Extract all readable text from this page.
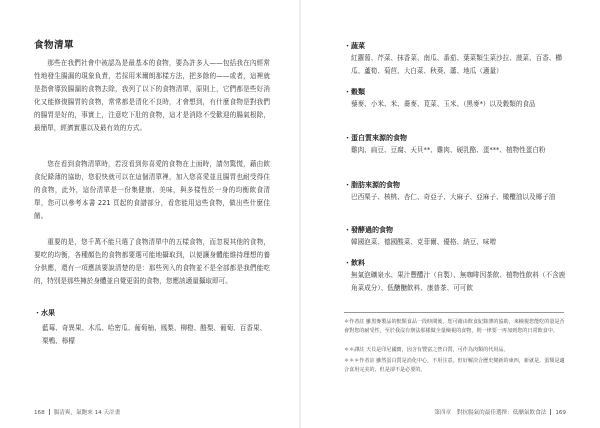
食物清單

那些在我們社會中被認為是最基本的食物，要為許多人——包括我在內經常性地發生腸漏的現象負責，若採用米爾朗那樣方法，把多餘的——或者，這裡就是指會導致腸漏的食物去除，我列了以下的食物清單，原則上，它們都是些好消化又能修復腸胃的食物，常常都是清化不良時，才會想到，有什麼食物是對我們的腸胃是好的，事實上，注意吃下肚的食物，這才是消除不受歡迎的腸氣根除，最簡單，經濟實惠以及最有效的方式。

您在看到食物清單時，若沒看到你喜愛的食物在上面時，請勿驚慌，藉由飲食紀錄薄的協助，您很快就可以在這個清單裡，加入您喜愛並且腸胃也耐受得住的食物，此外，這份清單是一份集健康、美味，與多樣性於一身的均衡飲食清單，您可以參考本書 221 頁起的食譜部分，看您能用這些食物，做出些什麼佳餚。

重要的是，您千萬不能只選了食物清單中的五樣食物，而忽視其他的食物，要吃的均衡，各種顏色的食物都要選可能地攝取到，以便讓身體能維持理想的養分供應，還有一項應該要說清楚的是：那些列入的食物並不是全部都是我們能吃的，特別是那些擁於身體並自覺更弱的食物，您應該適量攝取即可。

・水果

藍莓、奇異果、木瓜、哈密瓜、葡萄柚、鳳梨、柳橙、酪梨、葡萄、百香果、栗鴨、檸檬

168 腸清爽，氣飽來 14 天計畫
・蔬菜

紅蘿蔔、芹菜、抹香菜、南瓜、番茄、葉菜類生菜沙拉、菠菜、百香、櫛瓜、蘆筍、菊苣、大白菜、秋葵、蕭、地瓜（適量）

・穀類

藜麥、小米、米、蕎麥、莧菜、玉米、（黑麥*）以及穀類的食品

・蛋白質來源的食物

雞肉、扁豆、豆腐、天貝**、雞肉、硬乳酪、蛋***、植物性蛋白粉

・脂肪來源的食物

巴西栗子、核桃、杏仁、奇亞子、大麻子、亞麻子、橄欖油以及椰子油

・發酵過的食物

韓國泡菜、德國酸菜、克菲爾、優格、納豆、味噌

・飲料

無氣泡礦泉水、果汁豐醴汁（自製）、無咖啡因茶飲、植物性飲料（不含鹿角菜成分）、低醣醣飲料、康普茶、可可飲

＊作者註 雖黑麥製品的麩類食品一段時間後，您可藉由飲食紀錄薄的協助，來檢視您能吃的量是否會對您的耐受性，至於我沒有辦法那樣做全量檢視的食物，則一律要一再加到您的日常飲食中。

＊＊譯註 天貝是印尼國寶，因含有豐富之營白質，可作為肉類的代用品。

＊＊＊作者註 雖然蛋白質是消化中心，不用注意，但好解決合歷史變新的東西，新就是，蛋類是適合食用完美的，但是卻不是必要的。

第四章　對抗腸氣的最佳選擇：低醣氣飲食法 169
